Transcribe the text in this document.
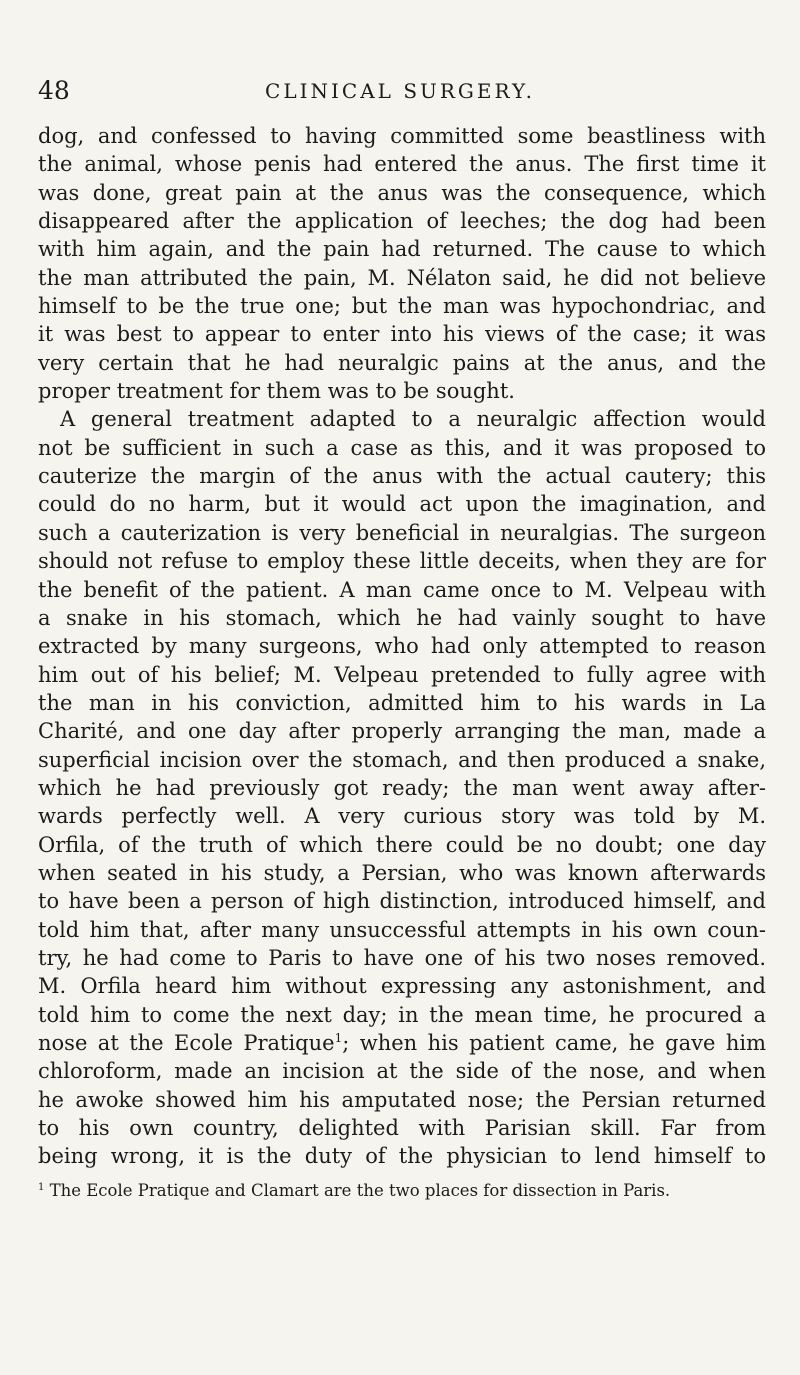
48	CLINICAL SURGERY.
dog, and confessed to having committed some beastliness with
the animal, whose penis had entered the anus. The first time it
was done, great pain at the anus was the consequence, which
disappeared after the application of leeches; the dog had been
with him again, and the pain had returned. The cause to which
the man attributed the pain, M. Nélaton said, he did not believe
himself to be the true one; but the man was hypochondriac, and
it was best to appear to enter into his views of the case; it was
very certain that he had neuralgic pains at the anus, and the
proper treatment for them was to be sought.
A general treatment adapted to a neuralgic affection would
not be sufficient in such a case as this, and it was proposed to
cauterize the margin of the anus with the actual cautery; this
could do no harm, but it would act upon the imagination, and
such a cauterization is very beneficial in neuralgias. The surgeon
should not refuse to employ these little deceits, when they are for
the benefit of the patient. A man came once to M. Velpeau with
a snake in his stomach, which he had vainly sought to have
extracted by many surgeons, who had only attempted to reason
him out of his belief; M. Velpeau pretended to fully agree with
the man in his conviction, admitted him to his wards in La
Charité, and one day after properly arranging the man, made a
superficial incision over the stomach, and then produced a snake,
which he had previously got ready; the man went away after-
wards perfectly well. A very curious story was told by M.
Orfila, of the truth of which there could be no doubt; one day
when seated in his study, a Persian, who was known afterwards
to have been a person of high distinction, introduced himself, and
told him that, after many unsuccessful attempts in his own coun-
try, he had come to Paris to have one of his two noses removed.
M. Orfila heard him without expressing any astonishment, and
told him to come the next day; in the mean time, he procured a
nose at the Ecole Pratique$^1$; when his patient came, he gave him
chloroform, made an incision at the side of the nose, and when
he awoke showed him his amputated nose; the Persian returned
to his own country, delighted with Parisian skill. Far from
being wrong, it is the duty of the physician to lend himself to
$^1$ The Ecole Pratique and Clamart are the two places for dissection in Paris.
